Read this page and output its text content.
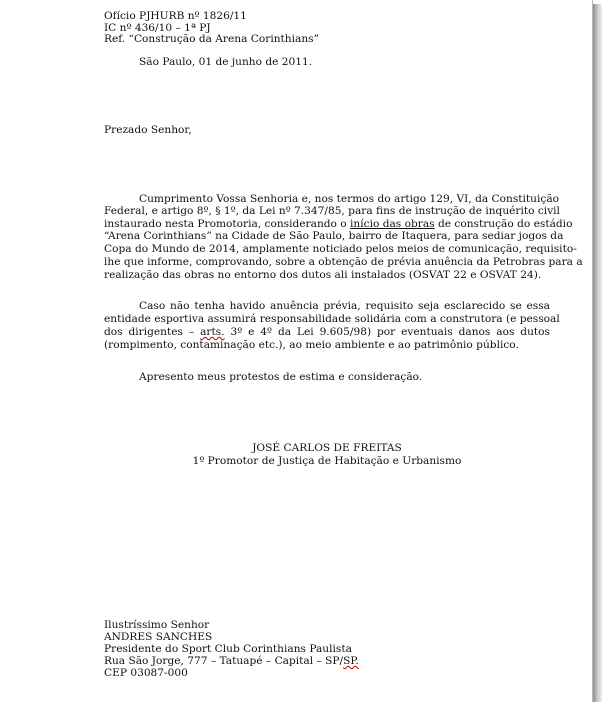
Ofício PJHURB nº 1826/11
IC nº 436/10 – 1ª PJ
Ref. “Construção da Arena Corinthians”
São Paulo, 01 de junho de 2011.
Prezado Senhor,
Cumprimento Vossa Senhoria e, nos termos do artigo 129, VI, da Constituição
Federal, e artigo 8º, § 1º, da Lei nº 7.347/85, para fins de instrução de inquérito civil
instaurado nesta Promotoria, considerando o início das obras de construção do estádio
“Arena Corinthians” na Cidade de São Paulo, bairro de Itaquera, para sediar jogos da
Copa do Mundo de 2014, amplamente noticiado pelos meios de comunicação, requisito-
lhe que informe, comprovando, sobre a obtenção de prévia anuência da Petrobras para a
realização das obras no entorno dos dutos ali instalados (OSVAT 22 e OSVAT 24).
Caso não tenha havido anuência prévia, requisito seja esclarecido se essa
entidade esportiva assumirá responsabilidade solidária com a construtora (e pessoal
dos dirigentes – arts. 3º e 4º da Lei 9.605/98) por eventuais danos aos dutos
(rompimento, contaminação etc.), ao meio ambiente e ao patrimônio público.
Apresento meus protestos de estima e consideração.
JOSÉ CARLOS DE FREITAS
1º Promotor de Justiça de Habitação e Urbanismo
Ilustríssimo Senhor
ANDRES SANCHES
Presidente do Sport Club Corinthians Paulista
Rua São Jorge, 777 – Tatuapé – Capital – SP/SP.
CEP 03087-000
